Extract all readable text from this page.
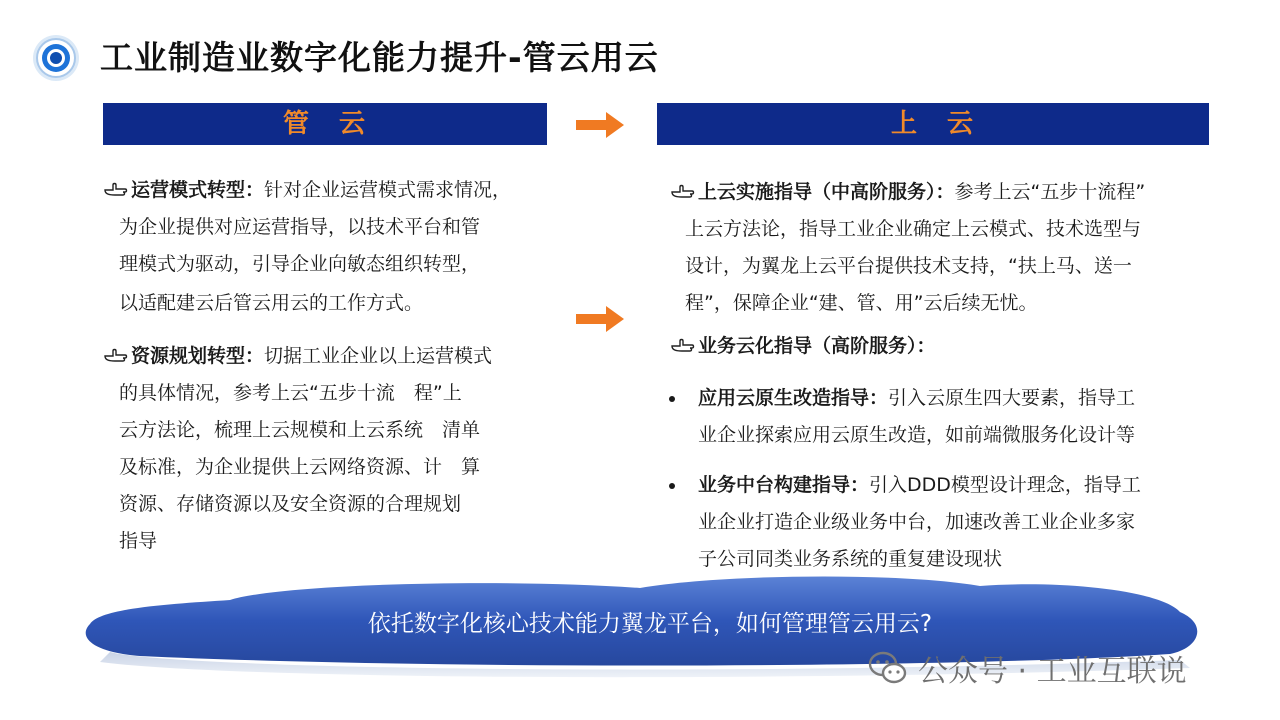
工业制造业数字化能力提升-管云用云
管　云	上　云
运营模式转型：针对企业运营模式需求情况，
为企业提供对应运营指导，以技术平台和管
理模式为驱动，引导企业向敏态组织转型，
以适配建云后管云用云的工作方式。
资源规划转型：切据工业企业以上运营模式
的具体情况，参考上云“五步十流　程”上
云方法论，梳理上云规模和上云系统　清单
及标准，为企业提供上云网络资源、计　算
资源、存储资源以及安全资源的合理规划
指导
上云实施指导（中高阶服务）：参考上云“五步十流程”
上云方法论，指导工业企业确定上云模式、技术选型与
设计，为翼龙上云平台提供技术支持，“扶上马、送一
程”，保障企业“建、管、用”云后续无忧。
业务云化指导（高阶服务）：
应用云原生改造指导：引入云原生四大要素，指导工
业企业探索应用云原生改造，如前端微服务化设计等
业务中台构建指导：引入DDD模型设计理念，指导工
业企业打造企业级业务中台，加速改善工业企业多家
子公司同类业务系统的重复建设现状
依托数字化核心技术能力翼龙平台，如何管理管云用云?
公众号 · 工业互联说
